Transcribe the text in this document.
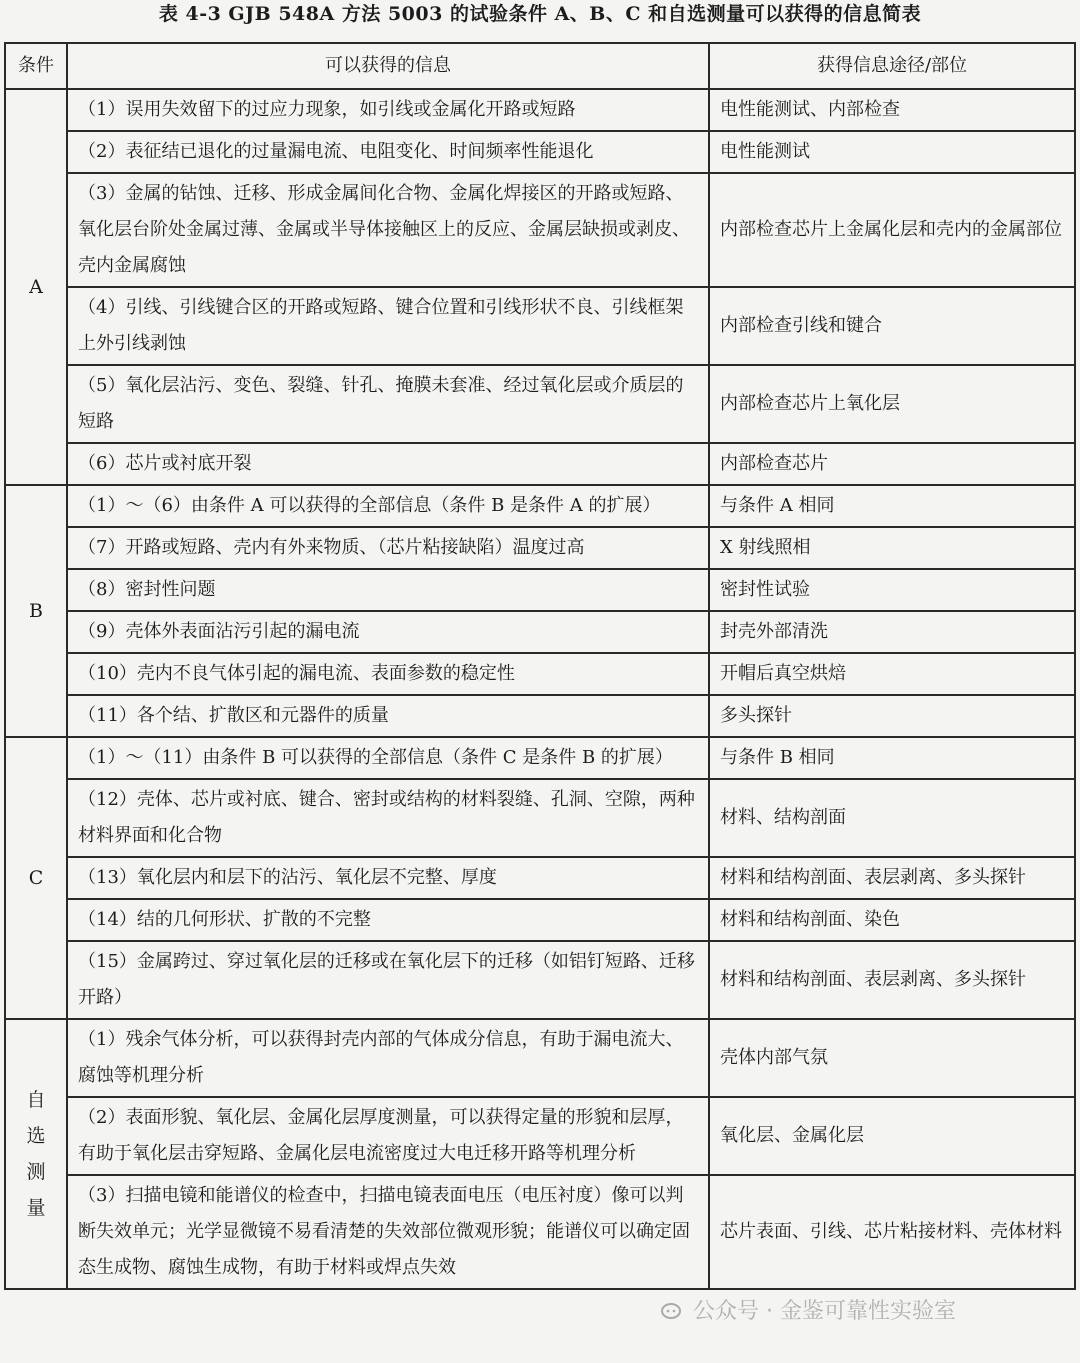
表 4-3 GJB 548A 方法 5003 的试验条件 A、B、C 和自选测量可以获得的信息简表
条件	可以获得的信息	获得信息途径/部位
A	（1）误用失效留下的过应力现象，如引线或金属化开路或短路	电性能测试、内部检查
	（2）表征结已退化的过量漏电流、电阻变化、时间频率性能退化	电性能测试
	（3）金属的钻蚀、迁移、形成金属间化合物、金属化焊接区的开路或短路、氧化层台阶处金属过薄、金属或半导体接触区上的反应、金属层缺损或剥皮、壳内金属腐蚀	内部检查芯片上金属化层和壳内的金属部位
	（4）引线、引线键合区的开路或短路、键合位置和引线形状不良、引线框架上外引线剥蚀	内部检查引线和键合
	（5）氧化层沾污、变色、裂缝、针孔、掩膜未套准、经过氧化层或介质层的短路	内部检查芯片上氧化层
	（6）芯片或衬底开裂	内部检查芯片
B	（1）～（6）由条件 A 可以获得的全部信息（条件 B 是条件 A 的扩展）	与条件 A 相同
	（7）开路或短路、壳内有外来物质、（芯片粘接缺陷）温度过高	X 射线照相
	（8）密封性问题	密封性试验
	（9）壳体外表面沾污引起的漏电流	封壳外部清洗
	（10）壳内不良气体引起的漏电流、表面参数的稳定性	开帽后真空烘焙
	（11）各个结、扩散区和元器件的质量	多头探针
C	（1）～（11）由条件 B 可以获得的全部信息（条件 C 是条件 B 的扩展）	与条件 B 相同
	（12）壳体、芯片或衬底、键合、密封或结构的材料裂缝、孔洞、空隙，两种材料界面和化合物	材料、结构剖面
	（13）氧化层内和层下的沾污、氧化层不完整、厚度	材料和结构剖面、表层剥离、多头探针
	（14）结的几何形状、扩散的不完整	材料和结构剖面、染色
	（15）金属跨过、穿过氧化层的迁移或在氧化层下的迁移（如铝钉短路、迁移开路）	材料和结构剖面、表层剥离、多头探针

自选测量	（1）残余气体分析，可以获得封壳内部的气体成分信息，有助于漏电流大、腐蚀等机理分析	壳体内部气氛
	（2）表面形貌、氧化层、金属化层厚度测量，可以获得定量的形貌和层厚，有助于氧化层击穿短路、金属化层电流密度过大电迁移开路等机理分析	氧化层、金属化层
	（3）扫描电镜和能谱仪的检查中，扫描电镜表面电压（电压衬度）像可以判断失效单元；光学显微镜不易看清楚的失效部位微观形貌；能谱仪可以确定固态生成物、腐蚀生成物，有助于材料或焊点失效	芯片表面、引线、芯片粘接材料、壳体材料
公众号 · 金鉴可靠性实验室
